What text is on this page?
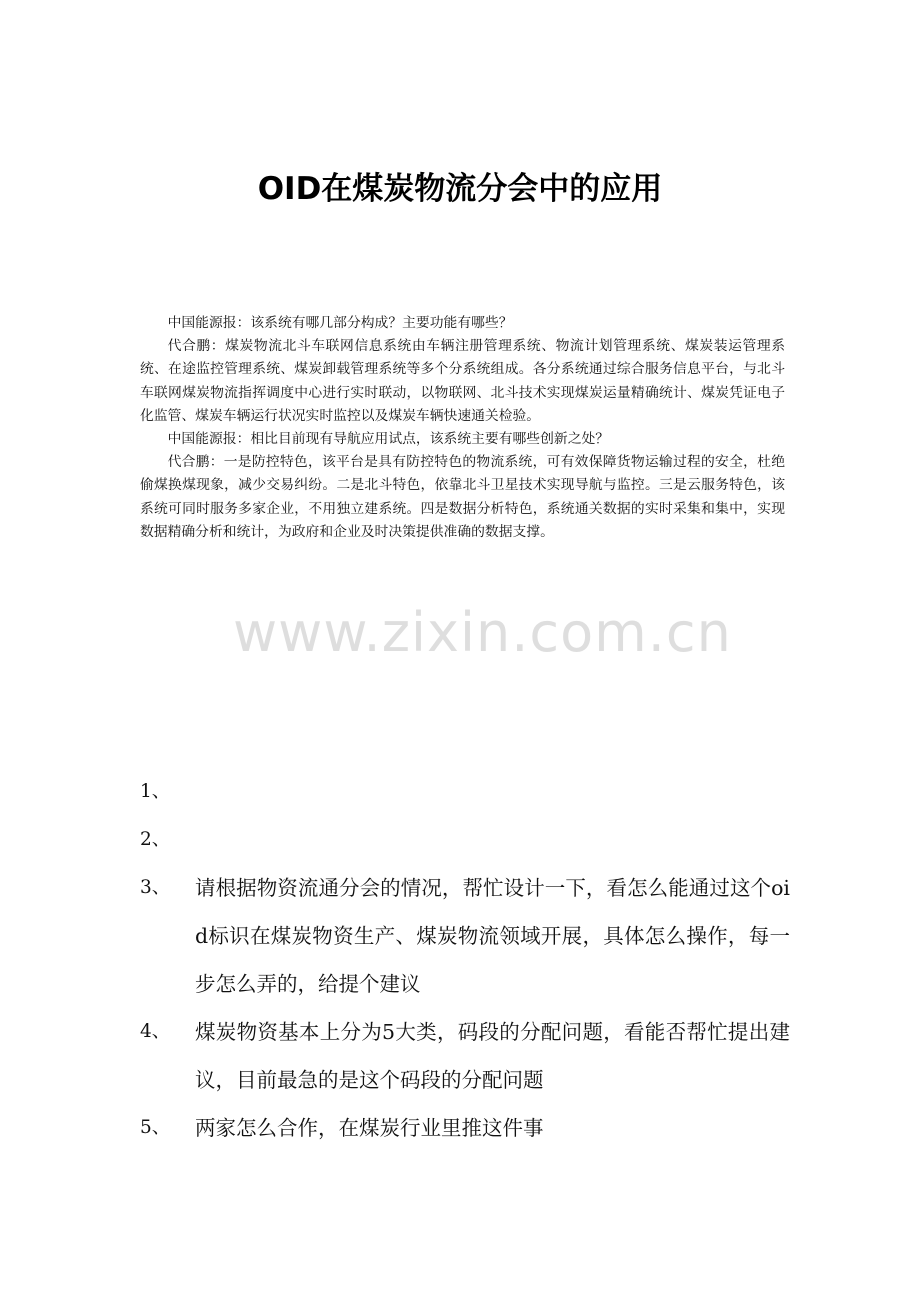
OID在煤炭物流分会中的应用

中国能源报：该系统有哪几部分构成？主要功能有哪些？

代合鹏：煤炭物流北斗车联网信息系统由车辆注册管理系统、物流计划管理系统、煤炭装运管理系统、在途监控管理系统、煤炭卸载管理系统等多个分系统组成。各分系统通过综合服务信息平台，与北斗车联网煤炭物流指挥调度中心进行实时联动，以物联网、北斗技术实现煤炭运量精确统计、煤炭凭证电子化监管、煤炭车辆运行状况实时监控以及煤炭车辆快速通关检验。

中国能源报：相比目前现有导航应用试点，该系统主要有哪些创新之处？

代合鹏：一是防控特色，该平台是具有防控特色的物流系统，可有效保障货物运输过程的安全，杜绝偷煤换煤现象，减少交易纠纷。二是北斗特色，依靠北斗卫星技术实现导航与监控。三是云服务特色，该系统可同时服务多家企业，不用独立建系统。四是数据分析特色，系统通关数据的实时采集和集中，实现数据精确分析和统计，为政府和企业及时决策提供准确的数据支撑。

www.zixin.com.cn
1、
2、
3、 请根据物资流通分会的情况，帮忙设计一下，看怎么能通过这个oid标识在煤炭物资生产、煤炭物流领域开展，具体怎么操作，每一步怎么弄的，给提个建议
4、 煤炭物资基本上分为5大类，码段的分配问题，看能否帮忙提出建议，目前最急的是这个码段的分配问题
5、 两家怎么合作，在煤炭行业里推这件事
